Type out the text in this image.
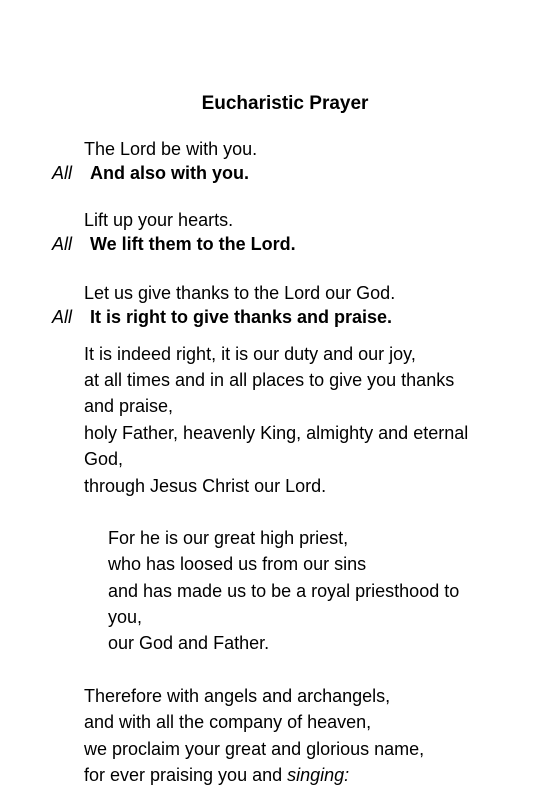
Eucharistic Prayer
The Lord be with you.
All And also with you.
Lift up your hearts.
All We lift them to the Lord.
Let us give thanks to the Lord our God.
All It is right to give thanks and praise.
It is indeed right, it is our duty and our joy,
at all times and in all places to give you thanks
and praise,
holy Father, heavenly King, almighty and eternal
God,
through Jesus Christ our Lord.
For he is our great high priest,
who has loosed us from our sins
and has made us to be a royal priesthood to
you,
our God and Father.
Therefore with angels and archangels,
and with all the company of heaven,
we proclaim your great and glorious name,
for ever praising you and singing:
